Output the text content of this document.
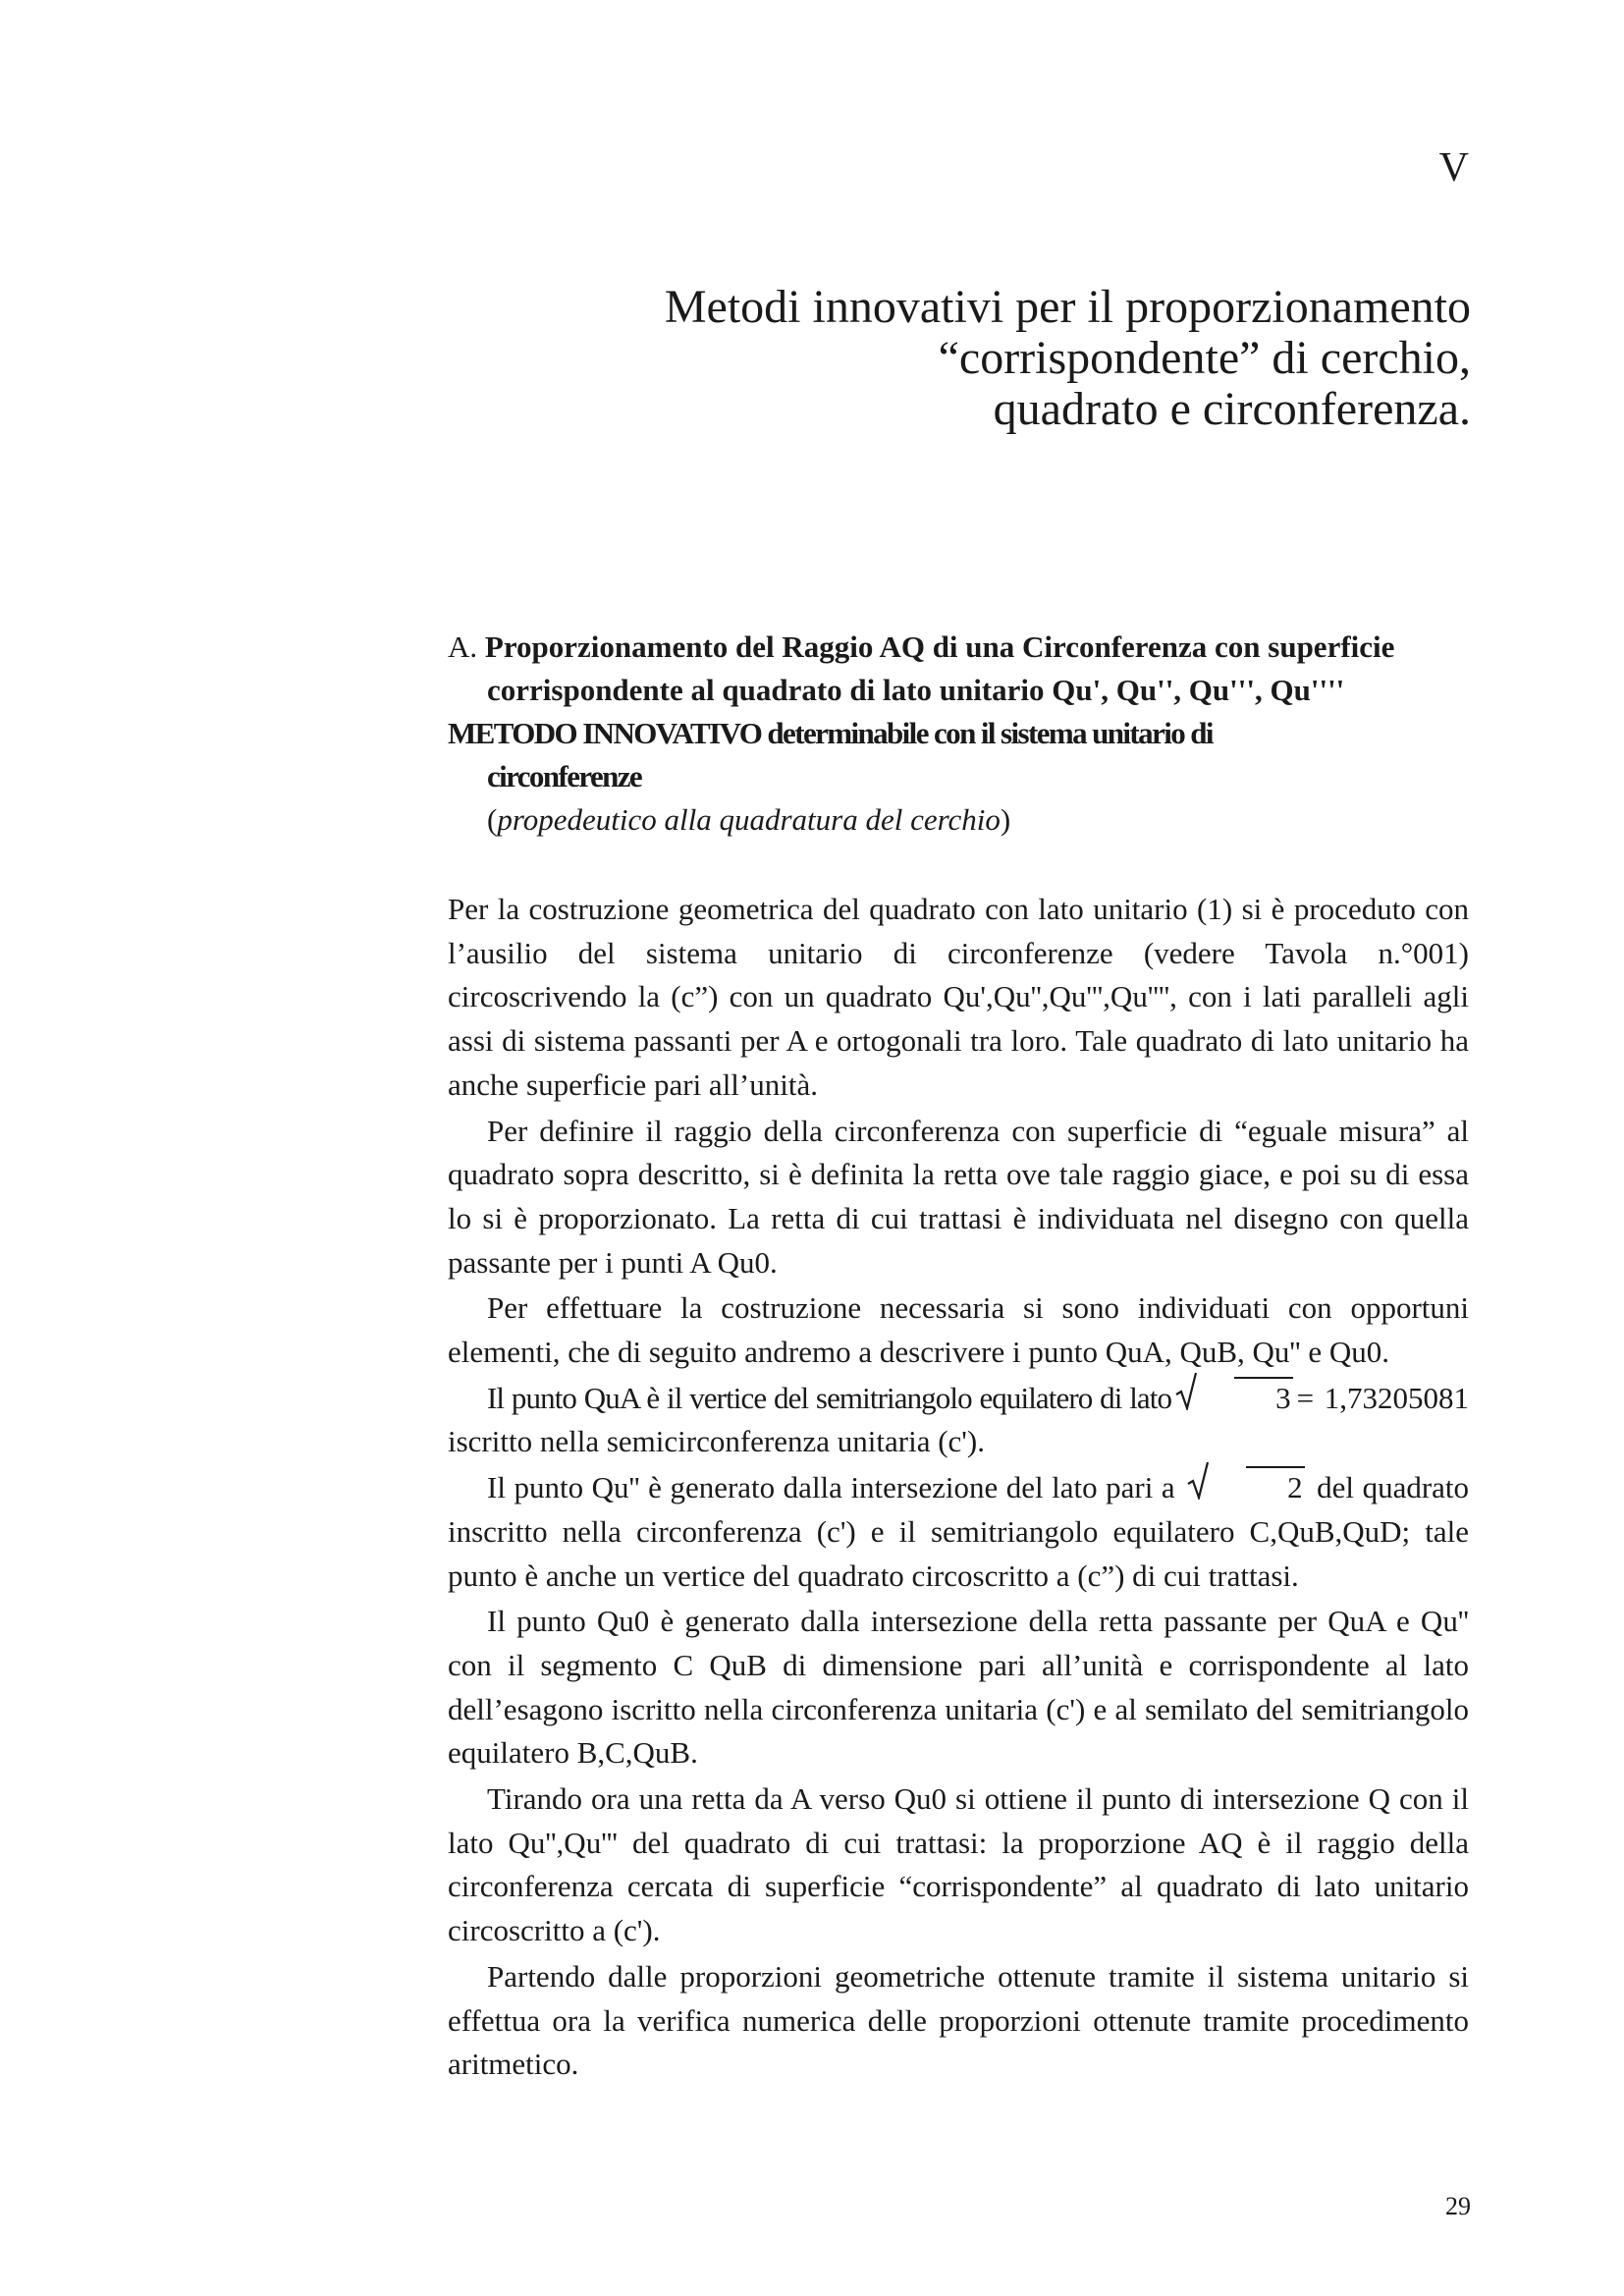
V
Metodi innovativi per il proporzionamento
“corrispondente” di cerchio,
quadrato e circonferenza.
A. Proporzionamento del Raggio AQ di una Circonferenza con superficie
corrispondente al quadrato di lato unitario Qu', Qu'', Qu''', Qu''''
METODO INNOVATIVO determinabile con il sistema unitario di
circonferenze
(propedeutico alla quadratura del cerchio)

Per la costruzione geometrica del quadrato con lato unitario (1) si è proceduto con l’ausilio del sistema unitario di circonferenze (vedere Tavola n.°001) circoscrivendo la (c”) con un quadrato Qu',Qu'',Qu''',Qu'''', con i lati paralleli agli assi di sistema passanti per A e ortogonali tra loro. Tale quadrato di lato unitario ha anche superficie pari all’unità.

Per definire il raggio della circonferenza con superficie di “eguale misura” al quadrato sopra descritto, si è definita la retta ove tale raggio giace, e poi su di essa lo si è proporzionato. La retta di cui trattasi è individuata nel disegno con quella passante per i punti A Qu0.

Per effettuare la costruzione necessaria si sono individuati con opportuni elementi, che di seguito andremo a descrivere i punto QuA, QuB, Qu'' e Qu0.

Il punto QuA è il vertice del semitriangolo equilatero di lato	3 = 1,73205081 iscritto nella semicirconferenza unitaria (c').

Il punto Qu'' è generato dalla intersezione del lato pari a	2 del quadrato inscritto nella circonferenza (c') e il semitriangolo equilatero C,QuB,QuD; tale punto è anche un vertice del quadrato circoscritto a (c”) di cui trattasi.

Il punto Qu0 è generato dalla intersezione della retta passante per QuA e Qu'' con il segmento C QuB di dimensione pari all’unità e corrispondente al lato dell’esagono iscritto nella circonferenza unitaria (c') e al semilato del semitriangolo equilatero B,C,QuB.

Tirando ora una retta da A verso Qu0 si ottiene il punto di intersezione Q con il lato Qu'',Qu''' del quadrato di cui trattasi: la proporzione AQ è il raggio della circonferenza cercata di superficie “corrispondente” al quadrato di lato unitario circoscritto a (c').

Partendo dalle proporzioni geometriche ottenute tramite il sistema unitario si effettua ora la verifica numerica delle proporzioni ottenute tramite procedimento aritmetico.

29
